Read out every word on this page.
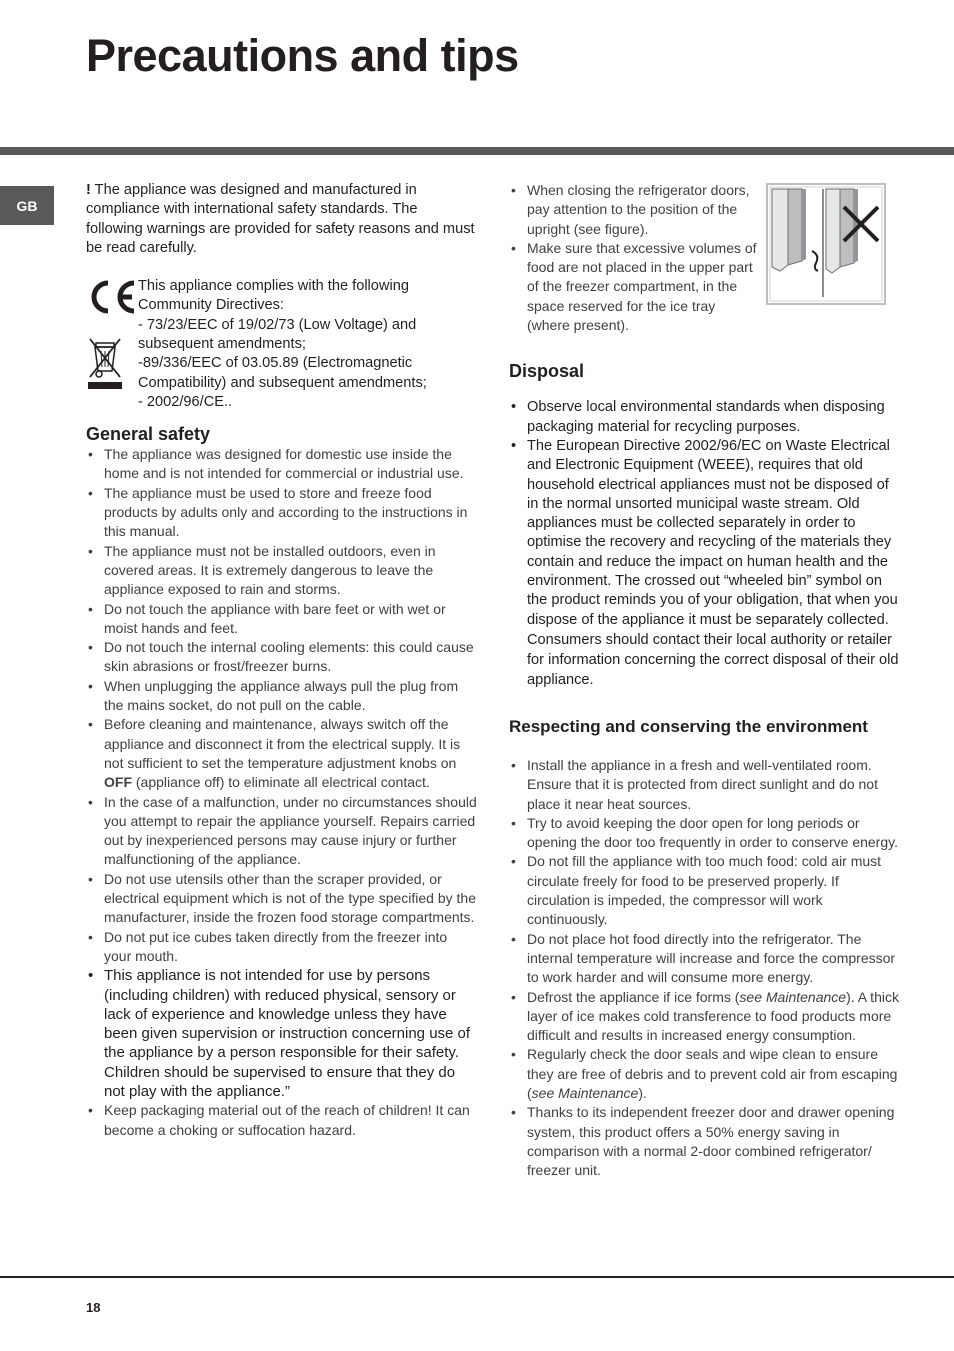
Precautions and tips
GB

! The appliance was designed and manufactured in compliance with international safety standards. The following warnings are provided for safety reasons and must be read carefully.

This appliance complies with the following
Community Directives:
- 73/23/EEC of 19/02/73 (Low Voltage) and
subsequent amendments;
-89/336/EEC of 03.05.89 (Electromagnetic
Compatibility) and subsequent amendments;
- 2002/96/CE..
General safety
• The appliance was designed for domestic use inside the home and is not intended for commercial or industrial use.
• The appliance must be used to store and freeze food products by adults only and according to the instructions in this manual.
• The appliance must not be installed outdoors, even in covered areas. It is extremely dangerous to leave the appliance exposed to rain and storms.
• Do not touch the appliance with bare feet or with wet or moist hands and feet.
• Do not touch the internal cooling elements: this could cause skin abrasions or frost/freezer burns.
• When unplugging the appliance always pull the plug from the mains socket, do not pull on the cable.
• Before cleaning and maintenance, always switch off the appliance and disconnect it from the electrical supply. It is not sufficient to set the temperature adjustment knobs on OFF (appliance off) to eliminate all electrical contact.
• In the case of a malfunction, under no circumstances should you attempt to repair the appliance yourself. Repairs carried out by inexperienced persons may cause injury or further malfunctioning of the appliance.
• Do not use utensils other than the scraper provided, or electrical equipment which is not of the type specified by the manufacturer, inside the frozen food storage compartments.
• Do not put ice cubes taken directly from the freezer into your mouth.
• This appliance is not intended for use by persons (including children) with reduced physical, sensory or lack of experience and knowledge unless they have been given supervision or instruction concerning use of the appliance by a person responsible for their safety. Children should be supervised to ensure that they do not play with the appliance.”
• Keep packaging material out of the reach of children! It can become a choking or suffocation hazard.
• When closing the refrigerator doors, pay attention to the position of the upright (see figure).
• Make sure that excessive volumes of food are not placed in the upper part of the freezer compartment, in the space reserved for the ice tray (where present).
Disposal
• Observe local environmental standards when disposing packaging material for recycling purposes.
• The European Directive 2002/96/EC on Waste Electrical and Electronic Equipment (WEEE), requires that old household electrical appliances must not be disposed of in the normal unsorted municipal waste stream. Old appliances must be collected separately in order to optimise the recovery and recycling of the materials they contain and reduce the impact on human health and the environment. The crossed out “wheeled bin” symbol on the product reminds you of your obligation, that when you dispose of the appliance it must be separately collected.

Consumers should contact their local authority or retailer for information concerning the correct disposal of their old appliance.

Respecting and conserving the environment
• Install the appliance in a fresh and well-ventilated room. Ensure that it is protected from direct sunlight and do not place it near heat sources.
• Try to avoid keeping the door open for long periods or opening the door too frequently in order to conserve energy.
• Do not fill the appliance with too much food: cold air must circulate freely for food to be preserved properly. If circulation is impeded, the compressor will work continuously.
• Do not place hot food directly into the refrigerator. The internal temperature will increase and force the compressor to work harder and will consume more energy.
• Defrost the appliance if ice forms (see Maintenance). A thick layer of ice makes cold transference to food products more difficult and results in increased energy consumption.
• Regularly check the door seals and wipe clean to ensure they are free of debris and to prevent cold air from escaping (see Maintenance).
• Thanks to its independent freezer door and drawer opening system, this product offers a 50% energy saving in comparison with a normal 2-door combined refrigerator/ freezer unit.
18
